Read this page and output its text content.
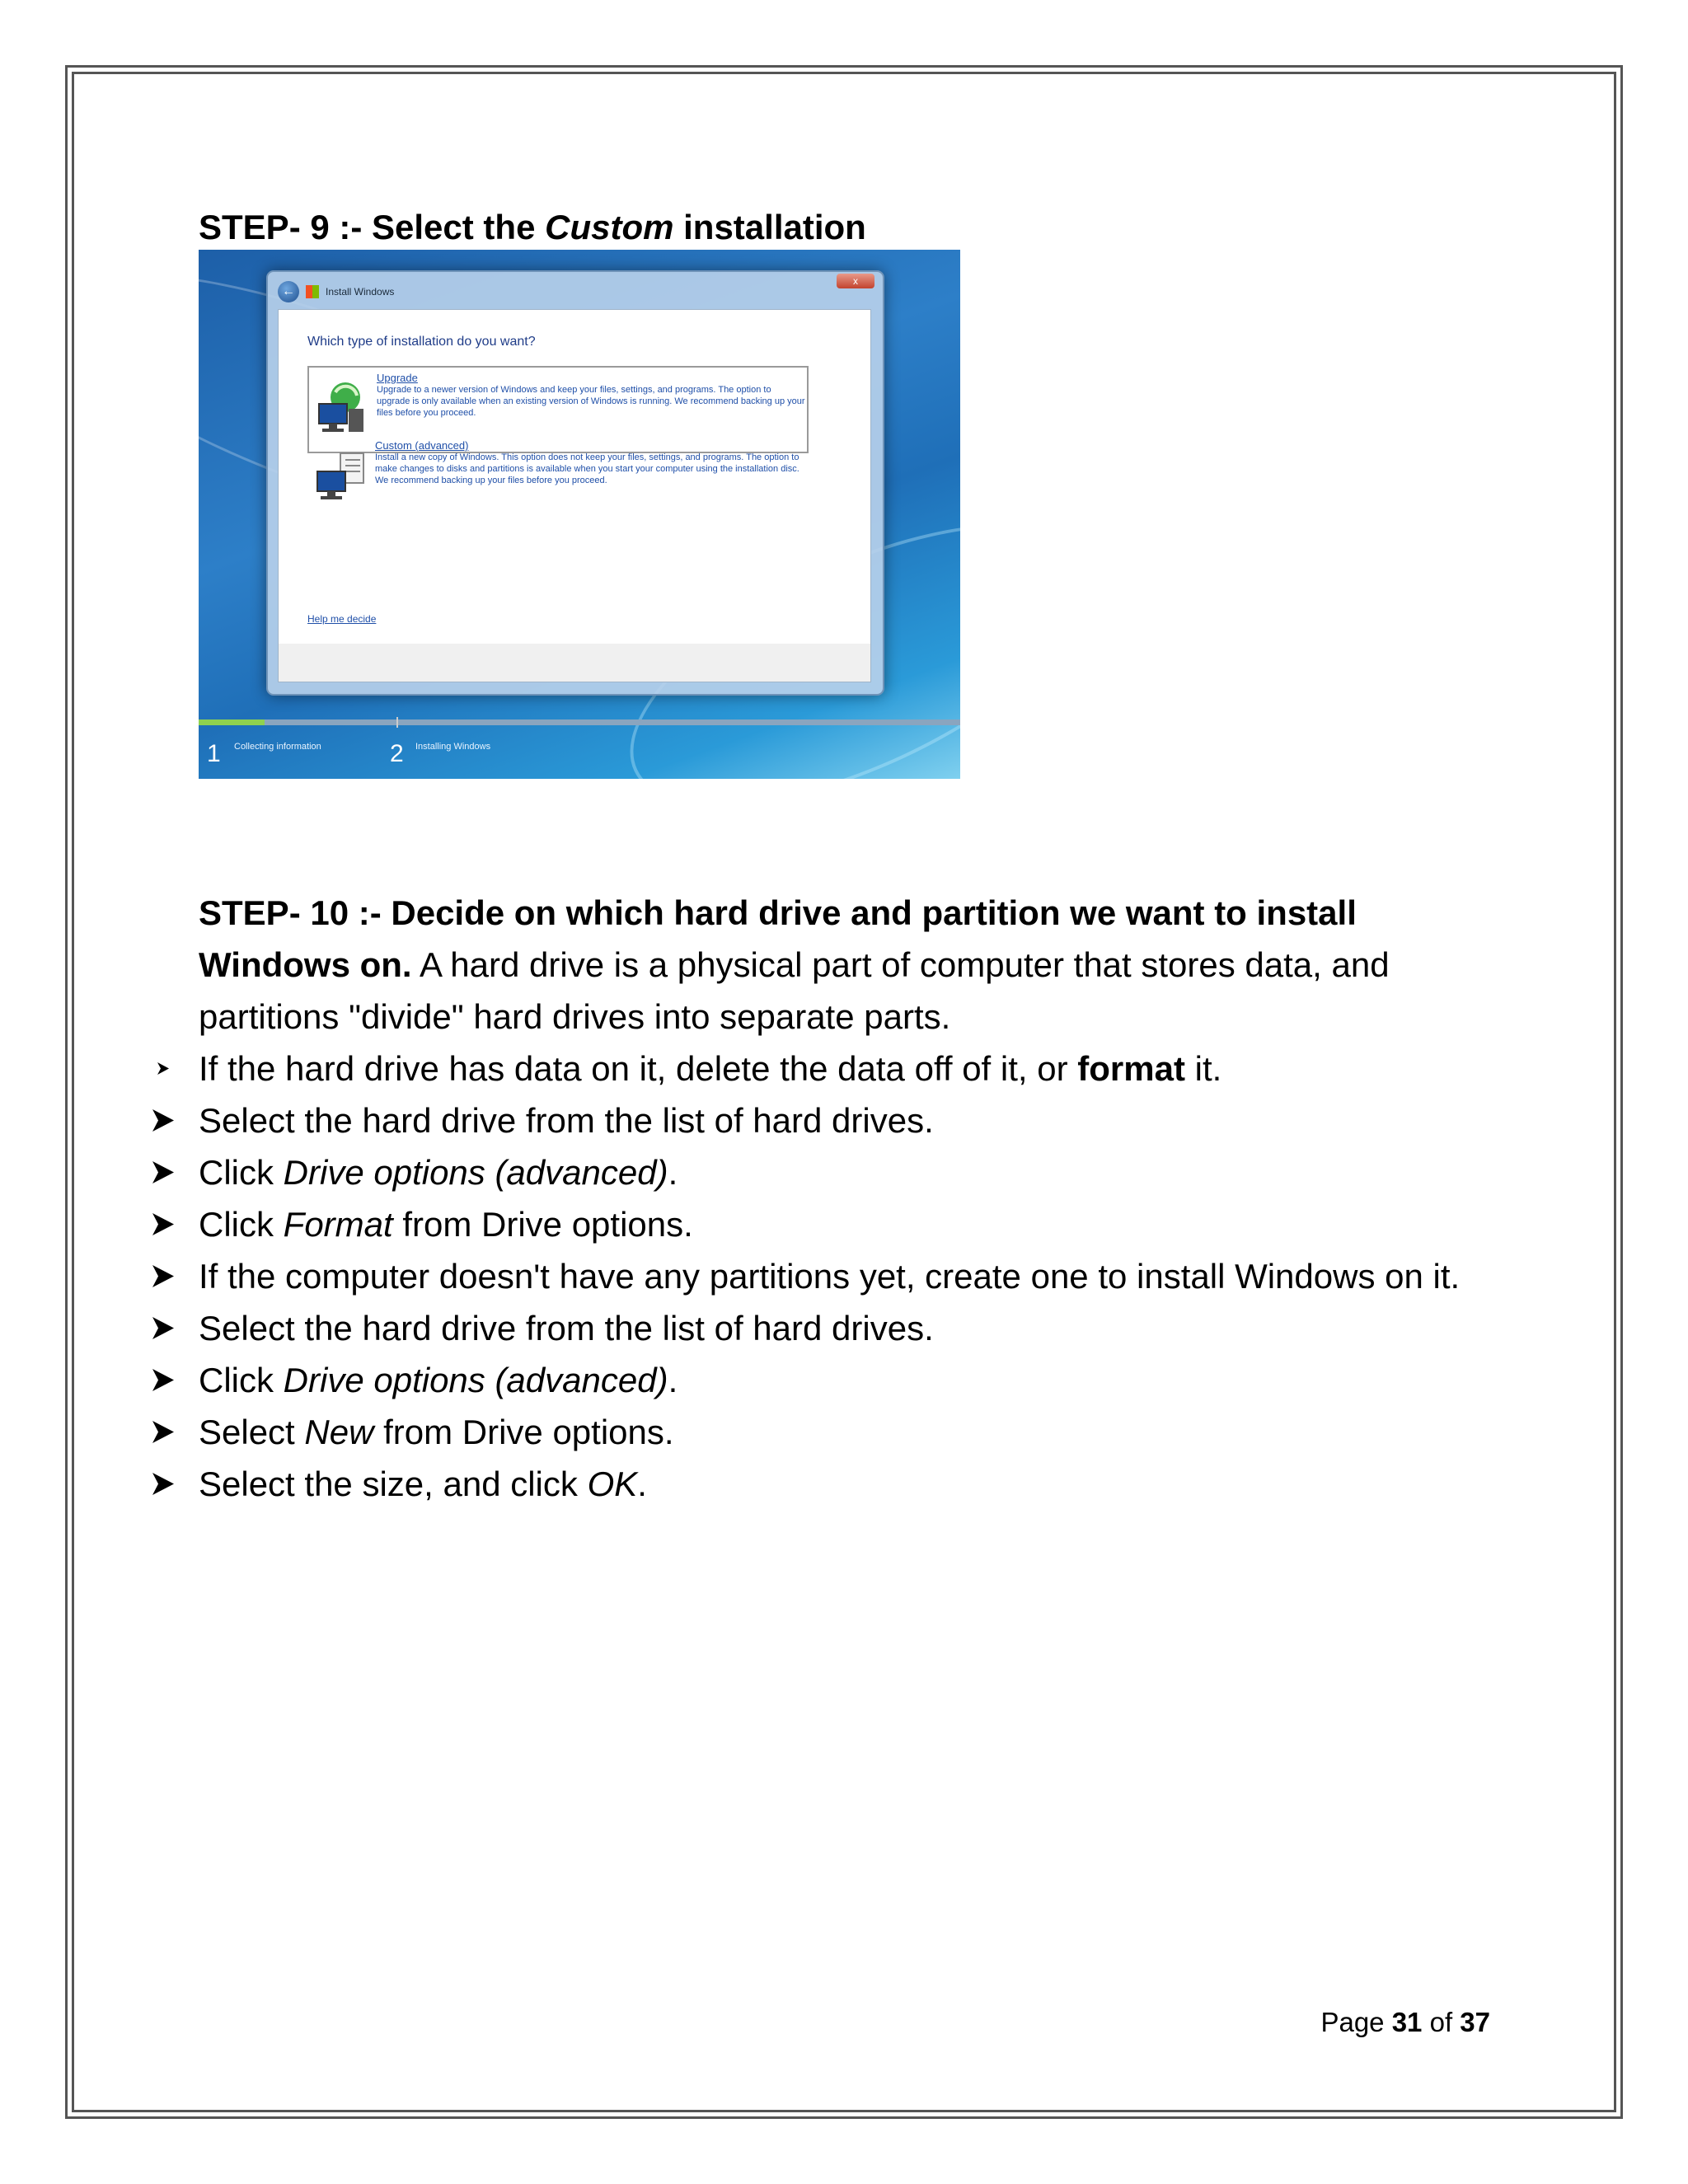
STEP- 9 :- Select the Custom installation

←	Install Windows
x
Which type of installation do you want?
Upgrade
Upgrade to a newer version of Windows and keep your files, settings, and programs. The option to upgrade is only available when an existing version of Windows is running. We recommend backing up your files before you proceed.
Custom (advanced)
Install a new copy of Windows. This option does not keep your files, settings, and programs. The option to make changes to disks and partitions is available when you start your computer using the installation disc. We recommend backing up your files before you proceed.
Help me decide
1 Collecting information	2 Installing Windows
STEP- 10 :- Decide on which hard drive and partition we want to install Windows on. A hard drive is a physical part of computer that stores data, and partitions "divide" hard drives into separate parts.
If the hard drive has data on it, delete the data off of it, or format it.
Select the hard drive from the list of hard drives.
Click Drive options (advanced).
Click Format from Drive options.
If the computer doesn't have any partitions yet, create one to install Windows on it.
Select the hard drive from the list of hard drives.
Click Drive options (advanced).
Select New from Drive options.
Select the size, and click OK.
Page 31 of 37
